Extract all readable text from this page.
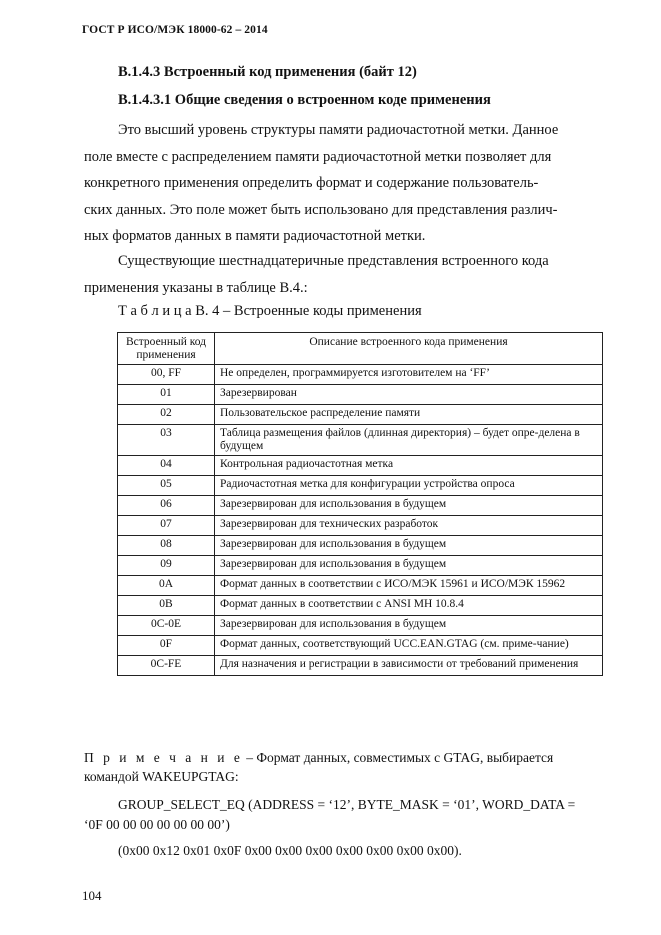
ГОСТ Р ИСО/МЭК 18000-62 – 2014
В.1.4.3 Встроенный код применения (байт 12)
В.1.4.3.1 Общие сведения о встроенном коде применения
Это высший уровень структуры памяти радиочастотной метки. Данное
поле вместе с распределением памяти радиочастотной метки позволяет для
конкретного применения определить формат и содержание пользователь-
ских данных. Это поле может быть использовано для представления различ-
ных форматов данных в памяти радиочастотной метки.
Существующие шестнадцатеричные представления встроенного кода
применения указаны в таблице В.4.:
Т а б л и ц а В. 4 – Встроенные коды применения
Встроенный код применения	Описание встроенного кода применения
00, FF	Не определен, программируется изготовителем на ‘FF’
01	Зарезервирован
02	Пользовательское распределение памяти
03	Таблица размещения файлов (длинная директория) – будет опре-делена в будущем
04	Контрольная радиочастотная метка
05	Радиочастотная метка для конфигурации устройства опроса
06	Зарезервирован для использования в будущем
07	Зарезервирован для технических разработок
08	Зарезервирован для использования в будущем
09	Зарезервирован для использования в будущем
0A	Формат данных в соответствии с ИСО/МЭК 15961 и ИСО/МЭК 15962
0B	Формат данных в соответствии с ANSI MH 10.8.4
0C-0E	Зарезервирован для использования в будущем
0F	Формат данных, соответствующий UCC.EAN.GTAG (см. приме-чание)
0C-FE	Для назначения и регистрации в зависимости от требований применения
П р и м е ч а н и е – Формат данных, совместимых с GTAG, выбирается командой WAKEUPGTAG:
GROUP_SELECT_EQ (ADDRESS = ‘12’, BYTE_MASK = ‘01’, WORD_DATA =
‘0F 00 00 00 00 00 00 00’)
(0x00 0x12 0x01 0x0F 0x00 0x00 0x00 0x00 0x00 0x00 0x00).
104
